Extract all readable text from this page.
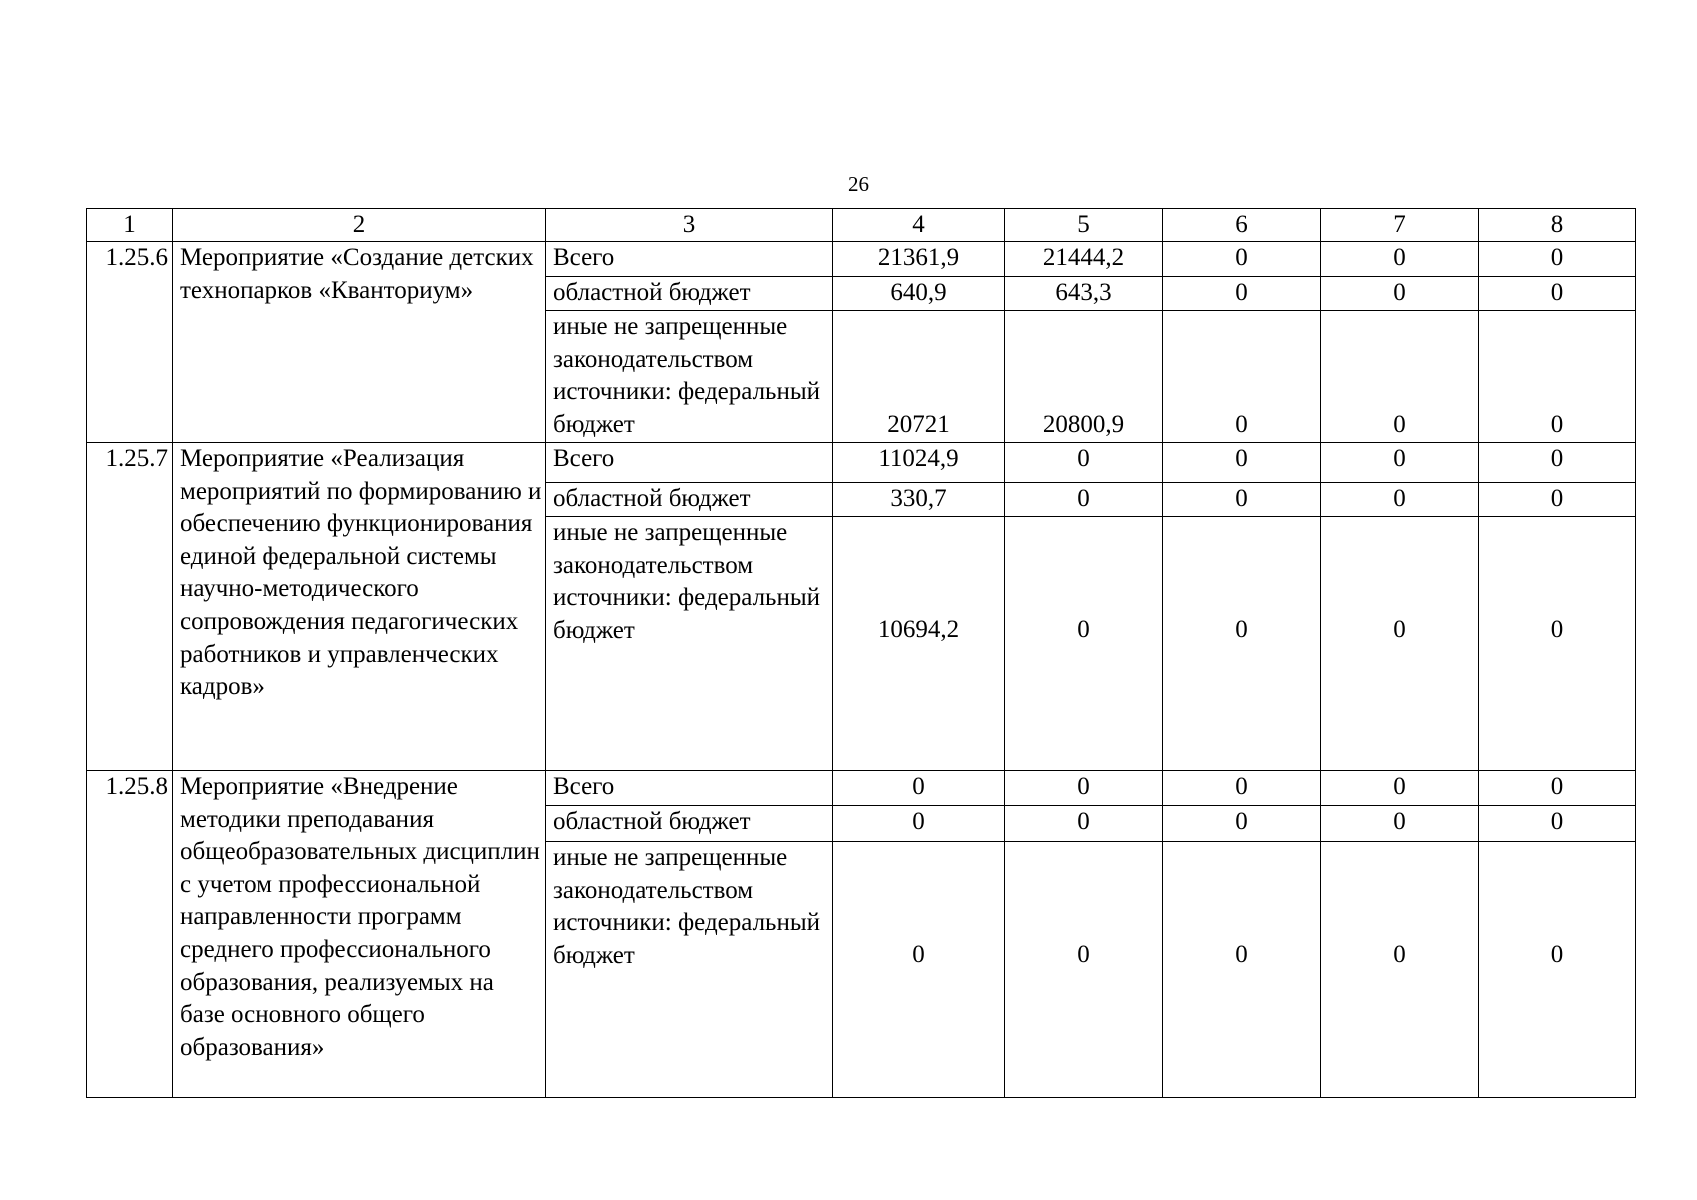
26
1	2	3	4	5	6	7	8
1.25.6	Мероприятие «Создание детских технопарков «Кванториум»	Всего	21361,9	21444,2	0	0	0
		областной бюджет	640,9	643,3	0	0	0
		иные не запрещенные законодательством источники: федеральный бюджет	20721	20800,9	0	0	0
1.25.7	Мероприятие «Реализация мероприятий по формированию и обеспечению функционирования единой федеральной системы научно-методического сопровождения педагогических работников и управленческих кадров»	Всего	11024,9	0	0	0	0
		областной бюджет	330,7	0	0	0	0
		иные не запрещенные законодательством источники: федеральный бюджет	10694,2	0	0	0	0
1.25.8	Мероприятие «Внедрение методики преподавания общеобразовательных дисциплин с учетом профессиональной направленности программ среднего профессионального образования, реализуемых на базе основного общего образования»	Всего	0	0	0	0	0
		областной бюджет	0	0	0	0	0
		иные не запрещенные законодательством источники: федеральный бюджет	0	0	0	0	0
